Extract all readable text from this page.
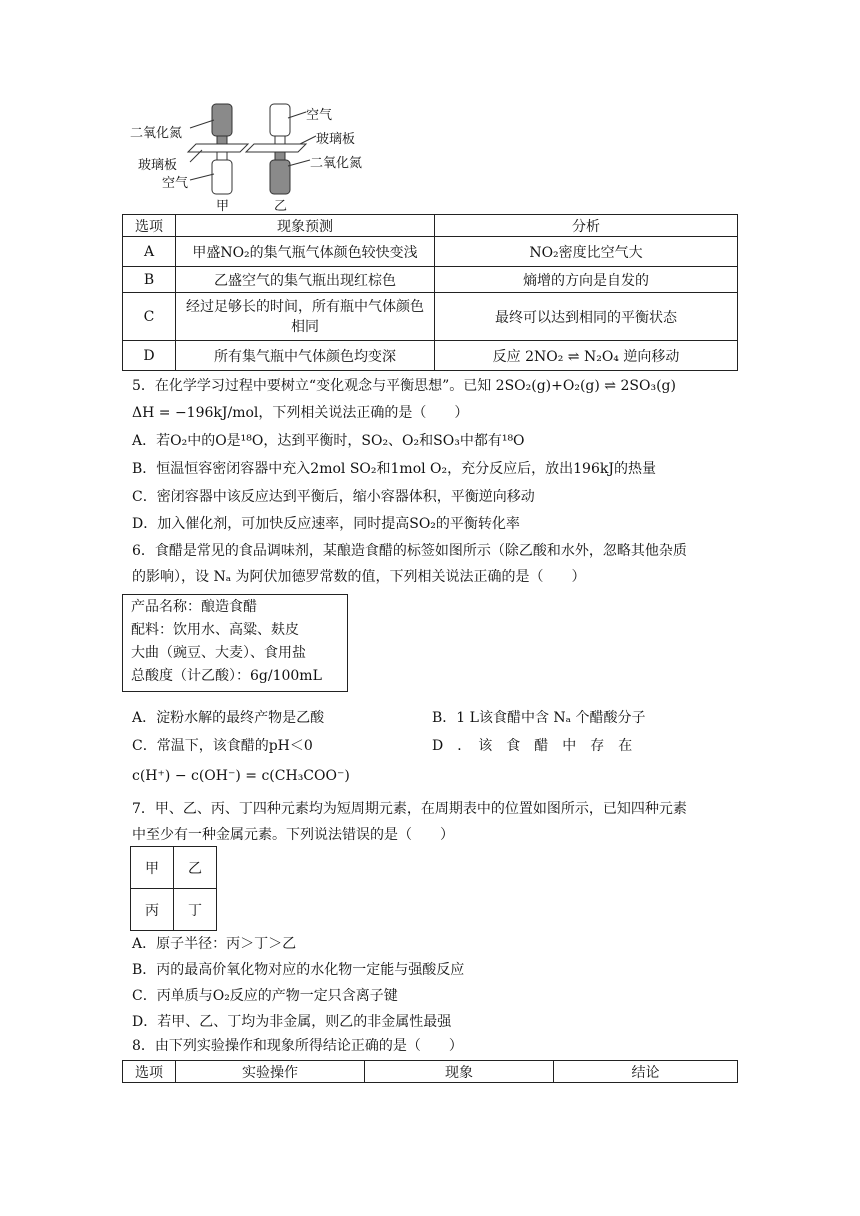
二氧化氮
玻璃板
空气
空气
玻璃板
二氧化氮
甲	乙
选项	现象预测	分析
A	甲盛NO₂的集气瓶气体颜色较快变浅	NO₂密度比空气大
B	乙盛空气的集气瓶出现红棕色	熵增的方向是自发的
C	经过足够长的时间，所有瓶中气体颜色相同	最终可以达到相同的平衡状态
D	所有集气瓶中气体颜色均变深	反应 2NO₂ ⇌ N₂O₄ 逆向移动
5．在化学学习过程中要树立“变化观念与平衡思想”。已知 2SO₂(g)+O₂(g) ⇌ 2SO₃(g)
ΔH = −196kJ/mol，下列相关说法正确的是（　　）
A．若O₂中的O是¹⁸O，达到平衡时，SO₂、O₂和SO₃中都有¹⁸O
B．恒温恒容密闭容器中充入2mol SO₂和1mol O₂，充分反应后，放出196kJ的热量
C．密闭容器中该反应达到平衡后，缩小容器体积，平衡逆向移动
D．加入催化剂，可加快反应速率，同时提高SO₂的平衡转化率
6．食醋是常见的食品调味剂，某酿造食醋的标签如图所示（除乙酸和水外，忽略其他杂质
的影响），设 Nₐ 为阿伏加德罗常数的值，下列相关说法正确的是（　　）
产品名称：酿造食醋
配料：饮用水、高粱、麸皮
大曲（豌豆、大麦）、食用盐
总酸度（计乙酸）：6g/100mL
A．淀粉水解的最终产物是乙酸	B．1 L该食醋中含 Nₐ 个醋酸分子
C．常温下，该食醋的pH＜0	D　．　该　食　醋　中　存　在
c(H⁺) − c(OH⁻) = c(CH₃COO⁻)
7．甲、乙、丙、丁四种元素均为短周期元素，在周期表中的位置如图所示，已知四种元素
中至少有一种金属元素。下列说法错误的是（　　）
甲	乙
丙	丁
A．原子半径：丙＞丁＞乙
B．丙的最高价氧化物对应的水化物一定能与强酸反应
C．丙单质与O₂反应的产物一定只含离子键
D．若甲、乙、丁均为非金属，则乙的非金属性最强
8．由下列实验操作和现象所得结论正确的是（　　）
选项	实验操作	现象	结论
